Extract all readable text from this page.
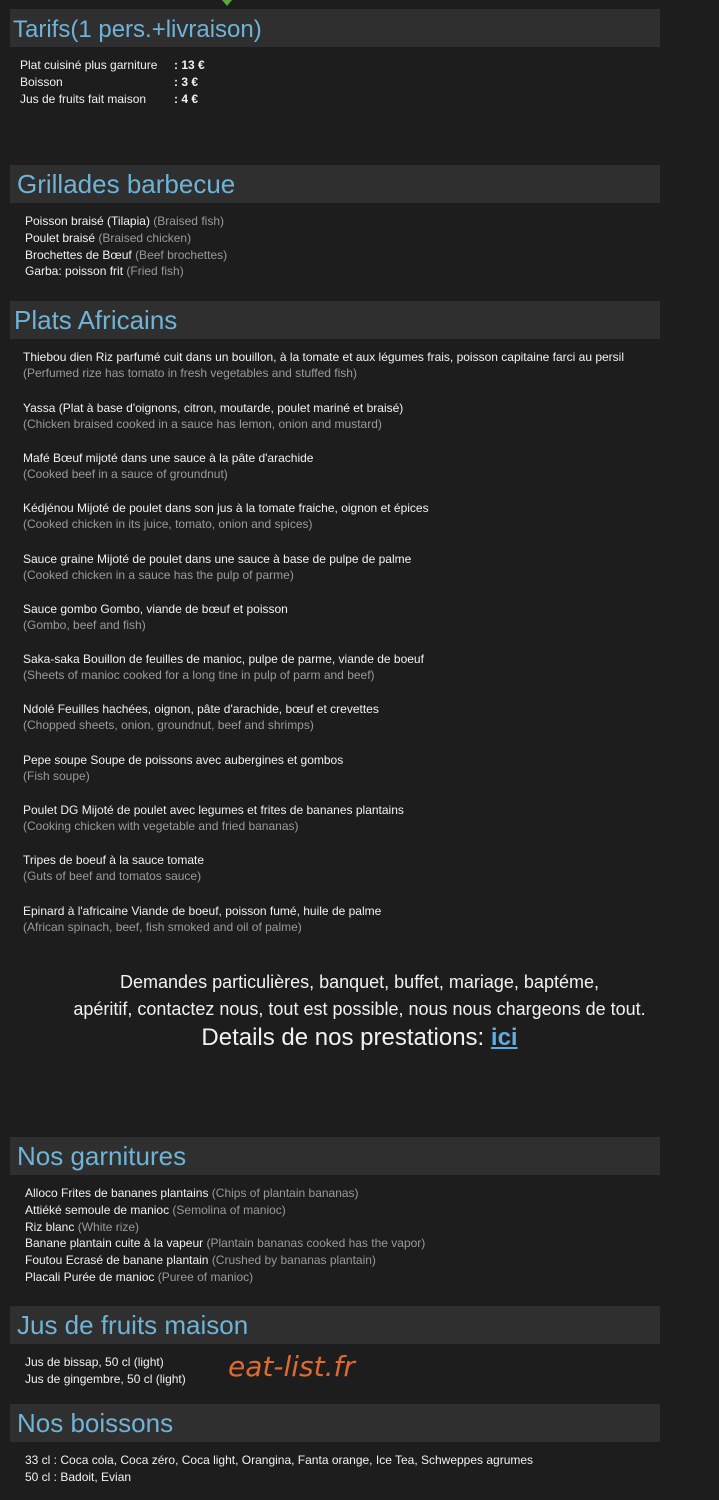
Tarifs(1 pers.+livraison)
Plat cuisiné plus garniture : 13 €
Boisson	: 3 €
Jus de fruits fait maison : 4 €
Grillades barbecue
Poisson braisé (Tilapia) (Braised fish)
Poulet braisé (Braised chicken)
Brochettes de Bœuf (Beef brochettes)
Garba: poisson frit (Fried fish)
Plats Africains
Thiebou dien Riz parfumé cuit dans un bouillon, à la tomate et aux légumes frais, poisson capitaine farci au persil
(Perfumed rize has tomato in fresh vegetables and stuffed fish)
Yassa (Plat à base d'oignons, citron, moutarde, poulet mariné et braisé)
(Chicken braised cooked in a sauce has lemon, onion and mustard)
Mafé Bœuf mijoté dans une sauce à la pâte d'arachide
(Cooked beef in a sauce of groundnut)
Kédjénou Mijoté de poulet dans son jus à la tomate fraiche, oignon et épices
(Cooked chicken in its juice, tomato, onion and spices)
Sauce graine Mijoté de poulet dans une sauce à base de pulpe de palme
(Cooked chicken in a sauce has the pulp of parme)
Sauce gombo Gombo, viande de bœuf et poisson
(Gombo, beef and fish)
Saka-saka Bouillon de feuilles de manioc, pulpe de parme, viande de boeuf
(Sheets of manioc cooked for a long tine in pulp of parm and beef)
Ndolé Feuilles hachées, oignon, pâte d'arachide, bœuf et crevettes
(Chopped sheets, onion, groundnut, beef and shrimps)
Pepe soupe Soupe de poissons avec aubergines et gombos
(Fish soupe)
Poulet DG Mijoté de poulet avec legumes et frites de bananes plantains
(Cooking chicken with vegetable and fried bananas)
Tripes de boeuf à la sauce tomate
(Guts of beef and tomatos sauce)
Epinard à l'africaine Viande de boeuf, poisson fumé, huile de palme
(African spinach, beef, fish smoked and oil of palme)
Demandes particulières, banquet, buffet, mariage, baptéme,
apéritif, contactez nous, tout est possible, nous nous chargeons de tout.
Details de nos prestations: ici
Nos garnitures
Alloco Frites de bananes plantains (Chips of plantain bananas)
Attiéké semoule de manioc (Semolina of manioc)
Riz blanc (White rize)
Banane plantain cuite à la vapeur (Plantain bananas cooked has the vapor)
Foutou Ecrasé de banane plantain (Crushed by bananas plantain)
Placali Purée de manioc (Puree of manioc)
Jus de fruits maison
Jus de bissap, 50 cl (light)
Jus de gingembre, 50 cl (light) eat-list.fr
Nos boissons
33 cl : Coca cola, Coca zéro, Coca light, Orangina, Fanta orange, Ice Tea, Schweppes agrumes
50 cl : Badoit, Evian
